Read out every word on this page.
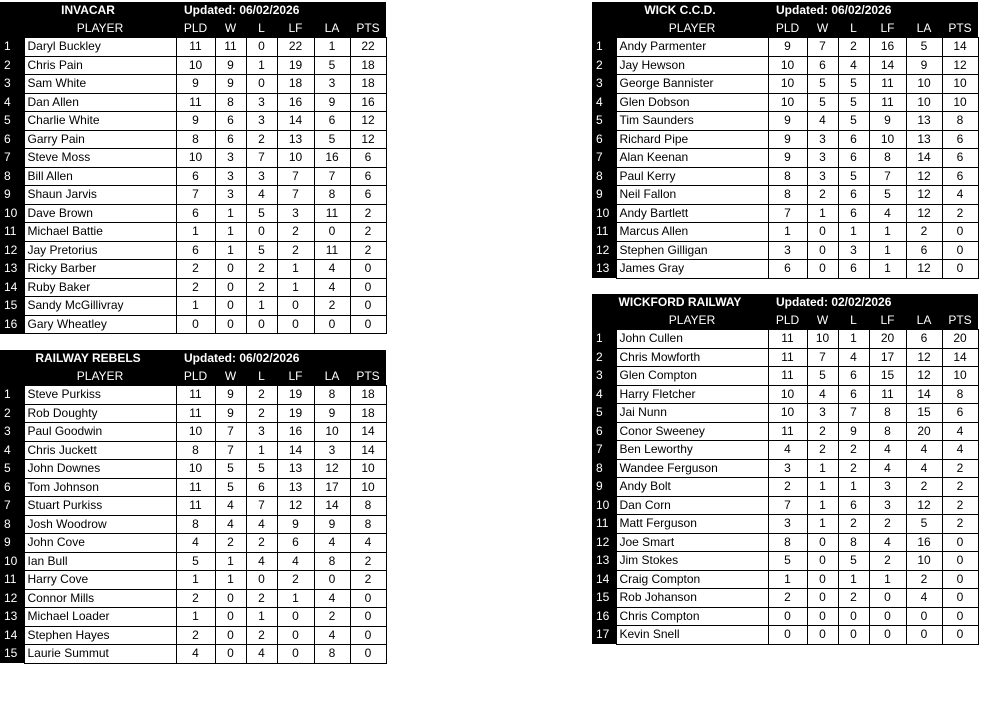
INVACAR		Updated: 06/02/2026					
	PLAYER	PLD	W	L	LF	LA	PTS
1	Daryl Buckley	11	11	0	22	1	22
2	Chris Pain	10	9	1	19	5	18
3	Sam White	9	9	0	18	3	18
4	Dan Allen	11	8	3	16	9	16
5	Charlie White	9	6	3	14	6	12
6	Garry Pain	8	6	2	13	5	12
7	Steve Moss	10	3	7	10	16	6
8	Bill Allen	6	3	3	7	7	6
9	Shaun Jarvis	7	3	4	7	8	6
10	Dave Brown	6	1	5	3	11	2
11	Michael Battie	1	1	0	2	0	2
12	Jay Pretorius	6	1	5	2	11	2
13	Ricky Barber	2	0	2	1	4	0
14	Ruby Baker	2	0	2	1	4	0
15	Sandy McGillivray	1	0	1	0	2	0
16	Gary Wheatley	0	0	0	0	0	0
RAILWAY REBELS		Updated: 06/02/2026					
	PLAYER	PLD	W	L	LF	LA	PTS
1	Steve Purkiss	11	9	2	19	8	18
2	Rob Doughty	11	9	2	19	9	18
3	Paul Goodwin	10	7	3	16	10	14
4	Chris Juckett	8	7	1	14	3	14
5	John Downes	10	5	5	13	12	10
6	Tom Johnson	11	5	6	13	17	10
7	Stuart Purkiss	11	4	7	12	14	8
8	Josh Woodrow	8	4	4	9	9	8
9	John Cove	4	2	2	6	4	4
10	Ian Bull	5	1	4	4	8	2
11	Harry Cove	1	1	0	2	0	2
12	Connor Mills	2	0	2	1	4	0
13	Michael Loader	1	0	1	0	2	0
14	Stephen Hayes	2	0	2	0	4	0
15	Laurie Summut	4	0	4	0	8	0
WICK C.C.D.		Updated: 06/02/2026					
	PLAYER	PLD	W	L	LF	LA	PTS
1	Andy Parmenter	9	7	2	16	5	14
2	Jay Hewson	10	6	4	14	9	12
3	George Bannister	10	5	5	11	10	10
4	Glen Dobson	10	5	5	11	10	10
5	Tim Saunders	9	4	5	9	13	8
6	Richard Pipe	9	3	6	10	13	6
7	Alan Keenan	9	3	6	8	14	6
8	Paul Kerry	8	3	5	7	12	6
9	Neil Fallon	8	2	6	5	12	4
10	Andy Bartlett	7	1	6	4	12	2
11	Marcus Allen	1	0	1	1	2	0
12	Stephen Gilligan	3	0	3	1	6	0
13	James Gray	6	0	6	1	12	0
WICKFORD RAILWAY		Updated: 02/02/2026					
	PLAYER	PLD	W	L	LF	LA	PTS
1	John Cullen	11	10	1	20	6	20
2	Chris Mowforth	11	7	4	17	12	14
3	Glen Compton	11	5	6	15	12	10
4	Harry Fletcher	10	4	6	11	14	8
5	Jai Nunn	10	3	7	8	15	6
6	Conor Sweeney	11	2	9	8	20	4
7	Ben Leworthy	4	2	2	4	4	4
8	Wandee Ferguson	3	1	2	4	4	2
9	Andy Bolt	2	1	1	3	2	2
10	Dan Corn	7	1	6	3	12	2
11	Matt Ferguson	3	1	2	2	5	2
12	Joe Smart	8	0	8	4	16	0
13	Jim Stokes	5	0	5	2	10	0
14	Craig Compton	1	0	1	1	2	0
15	Rob Johanson	2	0	2	0	4	0
16	Chris Compton	0	0	0	0	0	0
17	Kevin Snell	0	0	0	0	0	0
